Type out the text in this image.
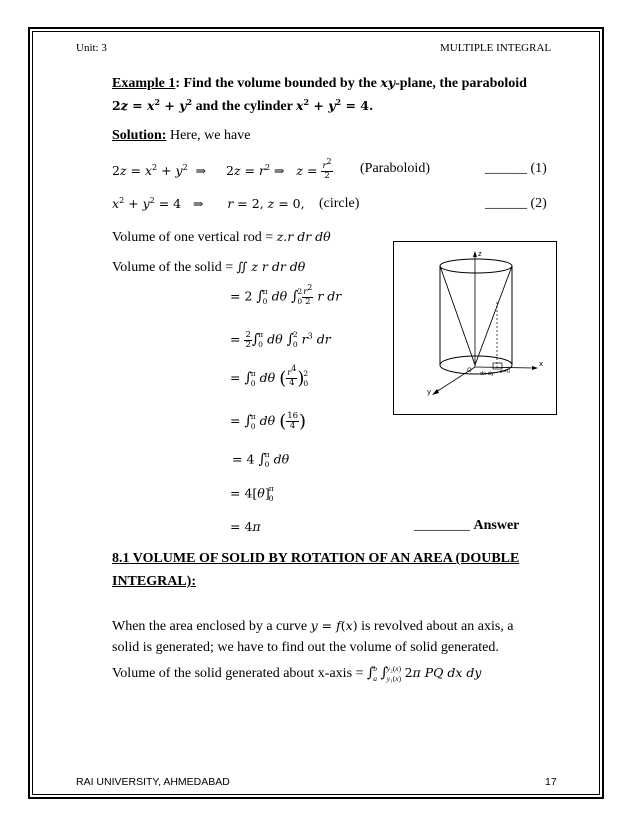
Unit: 3	MULTIPLE INTEGRAL
Example 1: Find the volume bounded by the xy-plane, the paraboloid
$2z = x^2 + y^2$ and the cylinder $x^2 + y^2 = 4$.
Solution: Here, we have
$2z = x^2 + y^2$  ⇒     $2z = r^2$ ⇒   $z = \frac{r^2}{2}$ (Paraboloid)	______ (1)
$x^2 + y^2 = 4$   ⇒      r = 2, z = 0, (circle)	______ (2)
Volume of one vertical rod = z.r dr dθ
Volume of the solid = ∬ z r dr dθ
= 2 ∫π
0 dθ ∫2
$0 \frac{r^2}{2}$ r dr
= $\frac{2}{2} \int\pi$
0 dθ ∫2
0 $r^3$ dr
= ∫π
0 dθ ( $\frac{r^4}{4} )2$
0
= ∫π
0 dθ ( $\frac{16}{4}$ )
= 4 ∫π
0 dθ
= 4[θ]π
0
= 4π	________ Answer
z
x
y
O dx dy z=0
8.1 VOLUME OF SOLID BY ROTATION OF AN AREA (DOUBLE
INTEGRAL):
When the area enclosed by a curve y = f(x) is revolved about an axis, a
solid is generated; we have to find out the volume of solid generated.
Volume of the solid generated about x-axis = ∫b
a ∫y₂(x)
y₁(x) 2π PQ dx dy
RAI UNIVERSITY, AHMEDABAD	17
